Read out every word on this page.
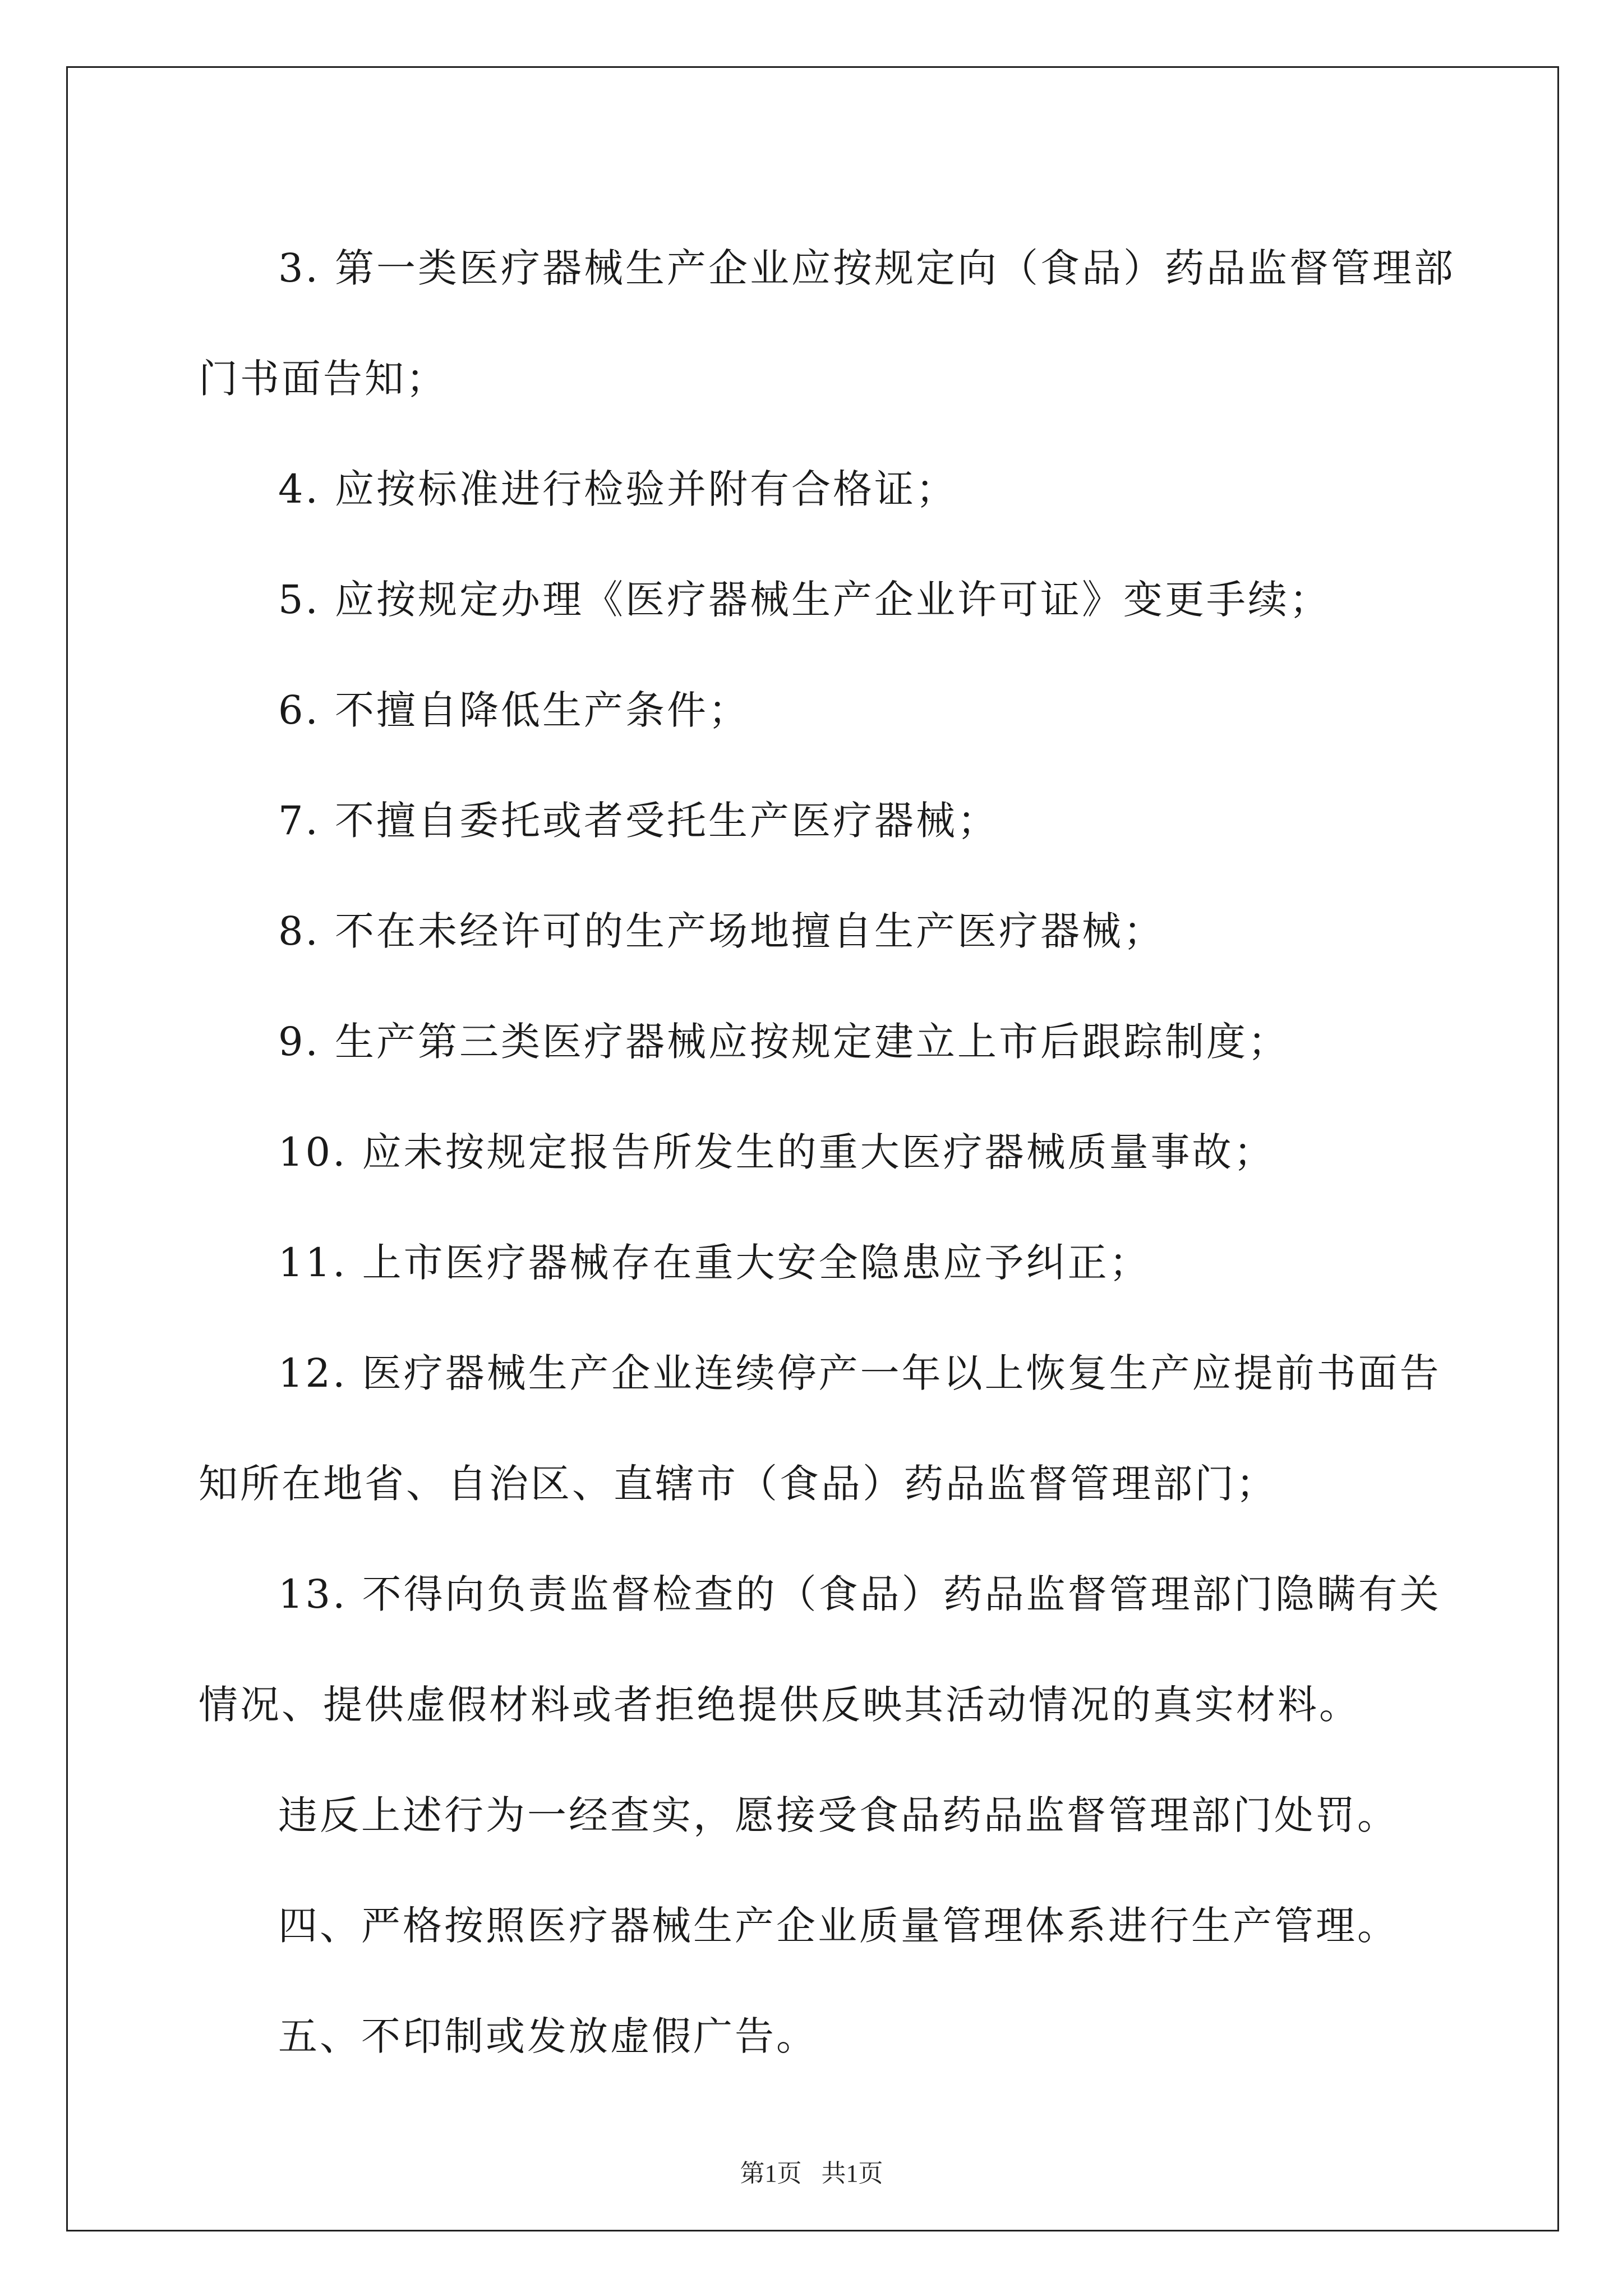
3. 第一类医疗器械生产企业应按规定向（食品）药品监督管理部

门书面告知；

4. 应按标准进行检验并附有合格证；

5. 应按规定办理《医疗器械生产企业许可证》变更手续；

6. 不擅自降低生产条件；

7. 不擅自委托或者受托生产医疗器械；

8. 不在未经许可的生产场地擅自生产医疗器械；

9. 生产第三类医疗器械应按规定建立上市后跟踪制度；

10. 应未按规定报告所发生的重大医疗器械质量事故；

11. 上市医疗器械存在重大安全隐患应予纠正；

12. 医疗器械生产企业连续停产一年以上恢复生产应提前书面告

知所在地省、自治区、直辖市（食品）药品监督管理部门；

13. 不得向负责监督检查的（食品）药品监督管理部门隐瞒有关

情况、提供虚假材料或者拒绝提供反映其活动情况的真实材料。

违反上述行为一经查实，愿接受食品药品监督管理部门处罚。

四、严格按照医疗器械生产企业质量管理体系进行生产管理。

五、不印制或发放虚假广告。

第1页 共1页
